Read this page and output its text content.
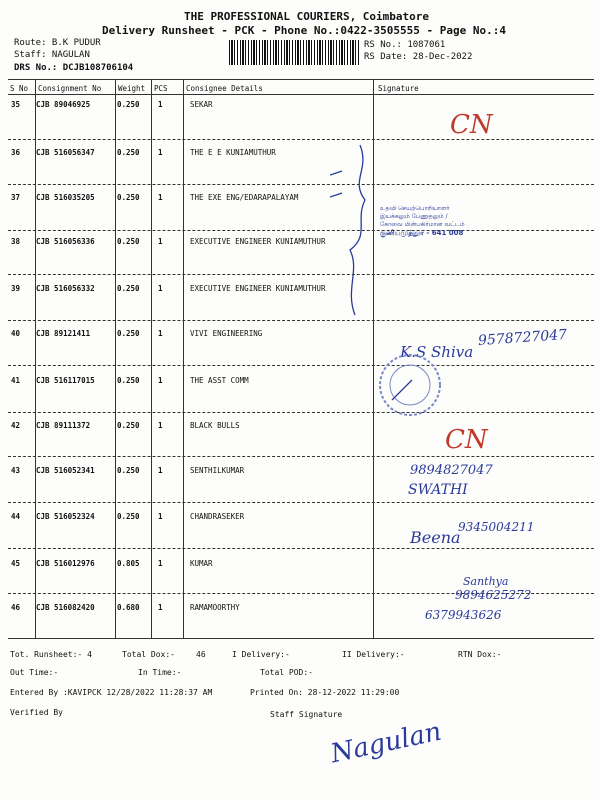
THE PROFESSIONAL COURIERS, Coimbatore
Delivery Runsheet - PCK - Phone No.:0422-3505555 - Page No.:4
Route: B.K PUDUR
Staff: NAGULAN
DRS No.: DCJB108706104
RS No.: 1087061
RS Date: 28-Dec-2022
S No Consignment No Weight PCS Consignee Details	Signature
35 CJB 89046925	0.250 1	SEKAR
36 CJB 516056347	0.250 1	THE E E KUNIAMUTHUR
37 CJB 516035205	0.250 1	THE EXE ENG/EDARAPALAYAM
38 CJB 516056336	0.250 1	EXECUTIVE ENGINEER KUNIAMUTHUR
39 CJB 516056332	0.250 1	EXECUTIVE ENGINEER KUNIAMUTHUR
40 CJB 89121411	0.250 1	VIVI ENGINEERING
41 CJB 516117015	0.250 1	THE ASST COMM
42 CJB 89111372	0.250 1	BLACK BULLS
43 CJB 516052341	0.250 1	SENTHILKUMAR
44 CJB 516052324	0.250 1	CHANDRASEKER
45 CJB 516012976	0.805 1	KUMAR
46 CJB 516082420	0.680 1	RAMAMOORTHY
CN
உதவி செயற்பொறியாளர்
இயக்கலும் பேணுதலும் /
கோவை மின்பகிர்மான வட்டம்
குனியமுத்தூர் - 641 008
9578727047
K.S Shiva
CN
9894827047
SWATHI
9345004211
Beena
Santhya
9894625272
6379943626
Tot. Runsheet:- 4	Total Dox:-	46	I Delivery:-	II Delivery:-	RTN Dox:-
Out Time:-	In Time:-	Total POD:-
Entered By :KAVIPCK 12/28/2022 11:28:37 AM	Printed On: 28-12-2022 11:29:00
Verified By	Staff Signature
Nagulan
